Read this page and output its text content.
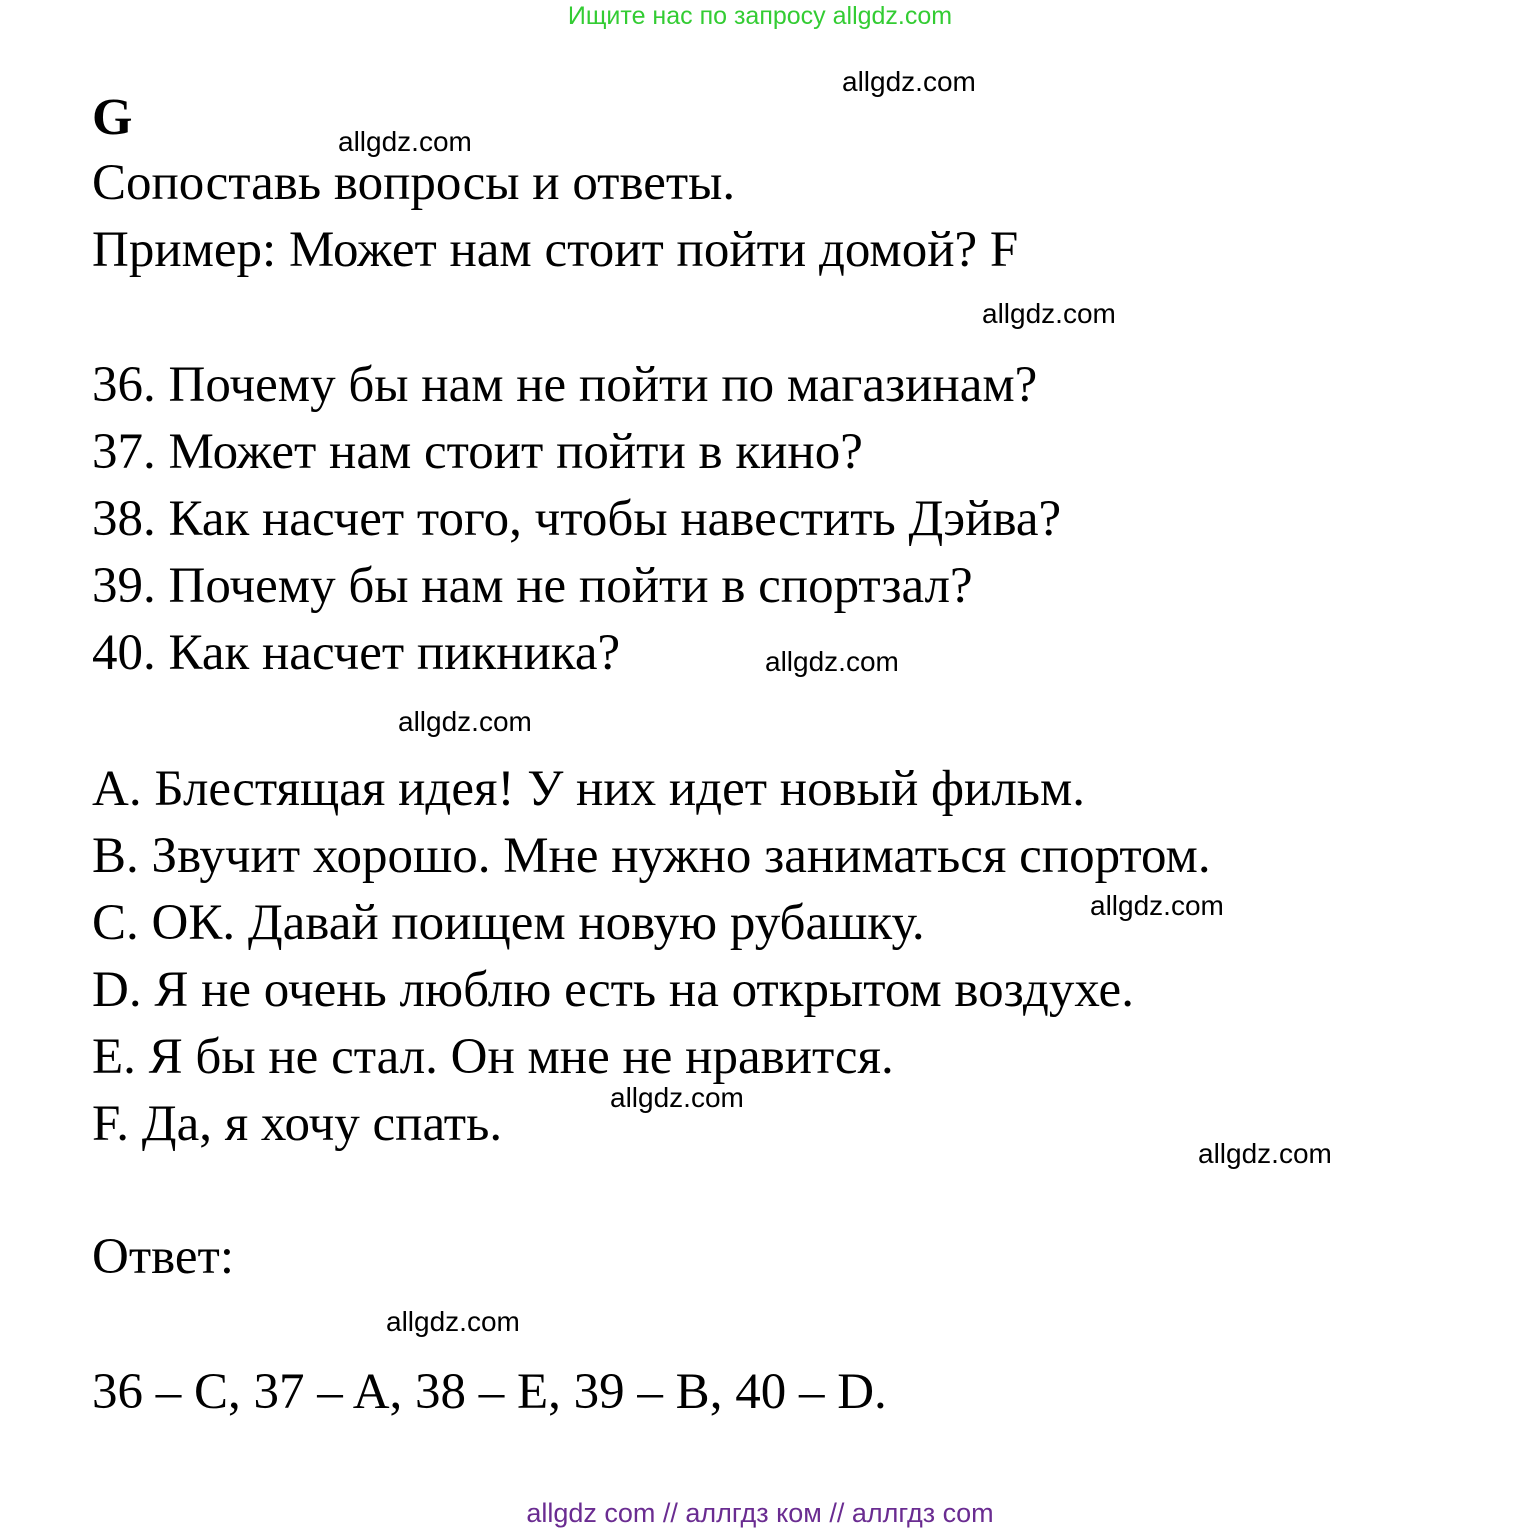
Ищите нас по запросу allgdz.com
G
Сопоставь вопросы и ответы.
Пример: Может нам стоит пойти домой? F
36. Почему бы нам не пойти по магазинам?
37. Может нам стоит пойти в кино?
38. Как насчет того, чтобы навестить Дэйва?
39. Почему бы нам не пойти в спортзал?
40. Как насчет пикника?
A. Блестящая идея! У них идет новый фильм.
B. Звучит хорошо. Мне нужно заниматься спортом.
C. ОК. Давай поищем новую рубашку.
D. Я не очень люблю есть на открытом воздухе.
E. Я бы не стал. Он мне не нравится.
F. Да, я хочу спать.
Ответ:
36 – C, 37 – A, 38 – E, 39 – B, 40 – D.
allgdz.com
allgdz.com
allgdz.com
allgdz.com
allgdz.com
allgdz.com
allgdz.com
allgdz.com
allgdz.com
allgdz com // аллгдз ком // аллгдз com
